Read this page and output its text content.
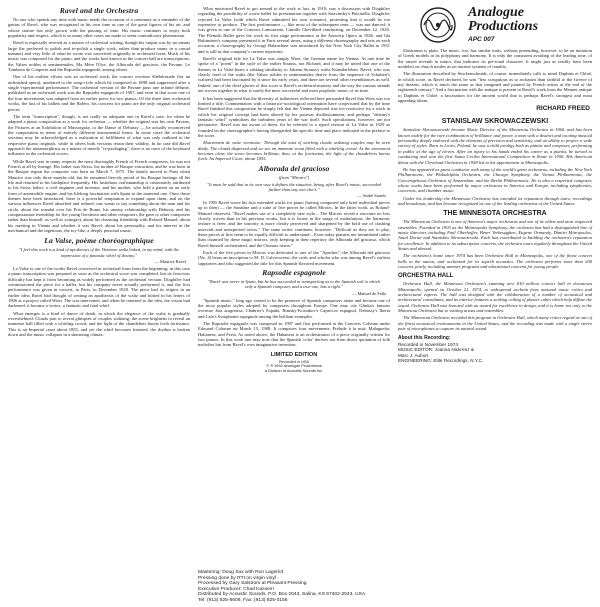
Ravel and the Orchestra

No one who spends any time with music needs the occasion of a centenary as a reminder of the genius of Ravel, who was recognized in his own time as one of the great figures of his art, and whose stature has only grown with the passing of time. His music continues to enjoy both popularity and respect, which is so many other cases are made to seem contradictory phenomena.

Ravel is especially revered as a master of orchestral writing, though his output was by no means large (he preferred to polish and re-polish a single work, rather than produce many in a casual manner) and very little of what he wrote was conceived originally in orchestral form. Much of his music was composed for the piano, and the works best known in the concert hall are transcriptions: the Valses nobles et sentimentales, Ma Mère l'Oye, the Alborada del gracioso, the Pavane, Le Tombeau de Couperin and the Rapsodie espagnole, among others.

One of his earliest efforts was an orchestral work, the concert overture Shéhérazade (for an unfinished opera), unrelated to the song-cycle which he composed in 1898 and suppressed after a single experimental performance. The orchestral version of the Pavane pour une infante défunte, published as an orchestral work was the Rapsodie espagnole of 1907, and even in that score one of the four movements was adapted from an earlier piece for two pianos. Of the three later orchestral works, the last of his ballets and the Boléro, his concerts for piano are the only original orchestral pieces.

The term "transcription", though, is not really an adequate one in Ravel's case, for when he adapted a piano composition as a work for orchestra — whether the original was his own Pavane, the Pictures at an Exhibition of Mussorgsky, or the Danse of Debussy — he actually reconceived the composition in terms of entirely different instrumental forms. In some cases the orchestral versions may be acknowledged as a realization of fulfillment of what was only outlined in the respective piano originals, while in others both versions retain their validity. In no case did Ravel approach the metamorphosis as a matter of merely "re-packaging"; there is no trace of the keyboard influence in the orchestral scores.

While Ravel was in many respects the most thoroughly French of French composers, he was not French at all by lineage. His father was Swiss, his mother of Basque extraction, and he was born in the Basque region the composer was born on March 7, 1875. The family moved to Paris when Maurice was only three months old, but he remained fiercely proud of his Basque heritage all his life and returned to his birthplace frequently. His fastidious craftsmanship is customarily attributed to his Swiss father, a civil engineer and inventor, and his mother, who held a patent on an early form of automobile engine, and his lifelong fascination with Spain to the maternal one. Once those themes have been introduced, there is a powerful temptation to expand upon them, and on the various influences Ravel absorbed and refined; one wants to say something about the man and his circle, about the scandal over his Prix de Rome, his uneasy relationship with Debussy and his compassionate friendship for the young Gershwin and other composers (he gave to other composers rather than himself, as well as younger), about his charming friendship with Roland-Manuel; about his meeting in Vienna and whether it was Ravel; about his personality, and his interest in the mechanical and the ingenious, the toy-like, a deeply personal music.

La Valse, poème choréographique
"I feel this work is a kind of apotheosis of the Viennese waltz linked, in my mind, with the impression of a fantastic whirl of destiny."
— Maurice Ravel

La Valse is one of the works Ravel conceived in orchestral form from the beginning; in this case a piano transcription was prepared as soon as the orchestral score was completed, but its ferocious difficulty has kept it from becoming as widely performed as the orchestral version. Diaghilev had commissioned the piece for a ballet, but his company never actually performed it, and the first performance was given in concert, in Paris, in December 1920. The piece had its origins in an earlier idea; Ravel had thought of writing an apotheosis of the waltz and hinted in his letters of 1906 at a project called Wien. The war intervened, and when he returned to the idea, the vision had darkened; it became a vortex, a fantastic and fatal whirl.

What emerges is a kind of dance of death, in which the elegance of the waltz is gradually overwhelmed. Clouds part to reveal glimpses of couples waltzing; the scene brightens to reveal an immense hall filled with a whirling crowd, and the light of the chandeliers bursts forth fortissimo. This is an Imperial court about 1855, and yet the whirl becomes frenzied, the rhythm is broken down and the music collapses in a shattering climax.

What motivated Ravel to get around to the work at last, in 1919, was a discussion with Diaghilev regarding the possibility of a new ballet for presentation together with Stravinsky's Pulcinella. Diaghilev rejected La Valse (with which Ravel submitted his own scenario), protesting that it would be too expensive to produce. The first performance — like most of the subsequent ones — was not danced; it was given at one of the Concerts Lamoureux, Camille Chevillard conducting, on December 12, 1920. The Flemish Ballet gave the work its first stage performance at the Antwerp Opera in 1926, and Ida Rubinstein's company presented it in Paris several times, using a different choreography and sets on each occasion; a choreography by George Balanchine was introduced by the New York City Ballet in 1951 and is still in that company's current repertoire.

Ravel's original title for La Valse was simply Wien, the German name for Vienna. At one time he spoke of a "poem" in the style of the earlier Strauss, not Richard, and it may be noted that one of the themes in La Valse bears a striking similarity to Johann Strauss's waltz Künstlerleben. Ravel, who was clearly fond of the waltz (the Valses nobles et sentimentales derive from the sequence of Schubert's waltzes) had been fascinated by it since his early years, and there are several other resemblances as well. Indeed, one of the chief glories of this score is Ravel's orchestral mastery and the way the various strands are woven together in what is surely the most successful and most prophetic music of its time.

It has been suggested that the diversity of influences reflected here persuaded Ravel that Wien was too limited a title. Commentators with a historico-sociological orientation have conjectured that by the time Ravel finished this composition he simply felt that the Vienna depicted was too restrictive for a work in which his original concept had been altered by his postwar disillusionment, and perhaps "destiny's fantastic whirl" symbolizes the turbulent years of the war itself. Such speculations, however, are not persuasive; Ravel was not aware of them, for he referred to a typed version of La Valse in 1929 as founded on the choreographer's having disregarded the specific time and place indicated in the preface to the score.

Mouvement de valse viennoise: Through the mist of swirling clouds waltzing couples may be seen dimly. The clouds dispersed and we see an immense room filled with a whirling crowd. As the movement becomes clear, the scene becomes brilliant; then, at the fortissimo, the light of the chandeliers bursts forth. An Imperial Court, about 1855.

Alborada del gracioso
(from "Miroirs")
"It must be said that in its own way it defines the situation, being, after Ravel's music, succeeded farther than any one else's."
— André Suarès

In 1905 Ravel wrote his first extended works for piano (having composed only brief individual pieces up to then) — the Sonatine and a suite of five pieces he called Miroirs. In the latter work, as Roland-Manuel observed, "Ravel makes use of a completely new style... The Miroirs reveal a structure no less closely woven than in his previous works, but it is looser in the usage of modulations, the harmonic texture is freer, and the sonority is more clearly perceived and sharpened by the bold use of clashing intervals and unexpected twists." The same writer continues, however: "Difficult as they are to play, these pieces at first seem to be equally difficult to understand... Even today pianists are intimidated rather than charmed by these magic mirrors, only keeping in their repertory the Alborada del gracioso, which Ravel himself orchestrated, and the Oiseaux tristes."

Each of the five pieces in Miroirs was dedicated to one of the "Apaches"; the Alborada del gracioso (No. 4) bears an inscription to M. D. Calvocoressi, the critic and scholar who was among Ravel's earliest supporters and who suggested the title for this Spanish-flavored movement.

Rapsodie espagnole
"Ravel was never in Spain, but he has succeeded in transporting us to the Spanish soil to which only a Spanish composer, and a true one, has a right."
— Manuel de Falla

"Spanish music," long ago ceased to be the preserve of Spanish composers alone and became one of the most popular styles adopted by composers throughout Europe. One may cite Glinka's famous overture Jota aragonesa, Chabrier's España, Rimsky-Korsakov's Capriccio espagnol, Debussy's Iberia and Lalo's Symphonie espagnole among the brilliant examples.

The Rapsodie espagnole was composed in 1907 and first performed at the Concerts Colonne under Edouard Colonne on March 15, 1908. It comprises four movements: Prélude à la nuit; Malagueña; Habanera; and Feria. As noted above, the Habanera is an orchestration of a piece originally written for two pianos. In this work one may note that the Spanish 'color' derives not from direct quotation of folk melodies but from Ravel's own imaginative invention.

LIMITED EDITION
Recorded in USA
© ℗ 1992 Analogue Productions
a Division of Acoustic Sounds Inc.

illustration is plain. The music, too, has similar traits, without pretending, however, to be an imitation of Greek models in its polyphony and harmony. It is only the consistent avoiding of the leading tone, of the raised seventh in minor, that indicates its pre-tonal character. It might just as readily have been modeled on church modes as on ancient systems of tonality.

The illustration described by Stuckenschmidt, of course, immediately calls to mind Daphnis et Chloé, in which score, as Ravel declared, he was "less scrupulous as to archaism than faithful to the Greece of my dreams, which is much the same as that imagined and painted by French artists at the end of the eighteenth century." And a fascination with the antique is present in Ravel's work from the Menuet antique to Daphnis et Chloé, a fascination for the ancient world that is perhaps Ravel's strongest and most appealing idiom.

RICHARD FREED
STANISLAW SKROWACZEWSKI

Stanislaw Skrowaczewski became Music Director of the Minnesota Orchestra in 1960, and has been known widely for the rare combination of brilliance and power, a man with a distinct and exciting musical personality deeply endowed with the elements of precision and sensitivity, and an ability to project a wide variety of styles. Born in Lwów, Poland, he was a child prodigy both as pianist and composer, performing in public at the age of eleven. After an injury to his hands ended his career as a pianist, he turned to conducting and won the first Santa Cecilia International Competition in Rome in 1956. His American debut with the Cleveland Orchestra in 1958 led to his appointment in Minneapolis.

He has appeared as guest conductor with many of the world's great orchestras, including the New York Philharmonic, the Philadelphia Orchestra, the Chicago Symphony, the Vienna Philharmonic, the Concertgebouw Orchestra of Amsterdam, and the Berlin Philharmonic. He is also a respected composer, whose works have been performed by major orchestras in America and Europe, including symphonies, concertos, and chamber music.

Under his leadership the Minnesota Orchestra has extended its reputation through tours, recordings and broadcasts, and has become recognized as one of the leading orchestras of the United States.

THE MINNESOTA ORCHESTRA

The Minnesota Orchestra is one of America's major orchestras and one of its oldest and most respected ensembles. Founded in 1903 as the Minneapolis Symphony, the orchestra has had a distinguished line of music directors including Emil Oberhoffer, Henri Verbrugghen, Eugene Ormandy, Dimitri Mitropoulos, Antal Dorati and Stanislaw Skrowaczewski. Each has contributed to building the orchestra's reputation for excellence. In addition to its subscription concerts, the orchestra tours regularly throughout the United States and abroad.

The orchestra's home since 1974 has been Orchestra Hall in Minneapolis, one of the finest concert halls in the nation, and acclaimed for its superb acoustics. The orchestra performs more than 200 concerts yearly, including summer programs and educational concerts for young people.

ORCHESTRA HALL

Orchestra Hall, the Minnesota Orchestra's stunning new $10 million concert hall in downtown Minneapolis, opened on October 21, 1974, to widespread acclaim from national music critics and architectural experts. The hall was designed with the collaboration of a number of acoustical and architectural consultants, and its interior features a striking ceiling of plaster cubes which help diffuse the sound. Orchestra Hall was honored with an award for excellence in design, and it is home not only to the Minnesota Orchestra but to visiting artists and ensembles.

The Minnesota Orchestra recorded this program in Orchestra Hall, which many critics regard as one of the finest acoustical environments in the United States, and the recording was made with a single stereo pair of microphones to capture its natural sound.

About this Recording:
Recorded in November 1974.
MUSIC EDITOR: Joanna Nickrenz &
Marc J. Aubort
ENGINEERING: Elite Recordings, N.Y.C.
Analogue
Productions
APC 007
Mastering: Doug Sax with Ron Lagerlof
Pressing done by RTI on virgin vinyl
Processed by Gary Salstrom at Pleasant Pressing
Executive Producer: Chad Kassem
Distributed by Acoustic Sounds, P.O. Box 2043, Salina, KS 67402-2043, USA.
Tel: (913) 825-8609, Fax: (913) 825-0156
